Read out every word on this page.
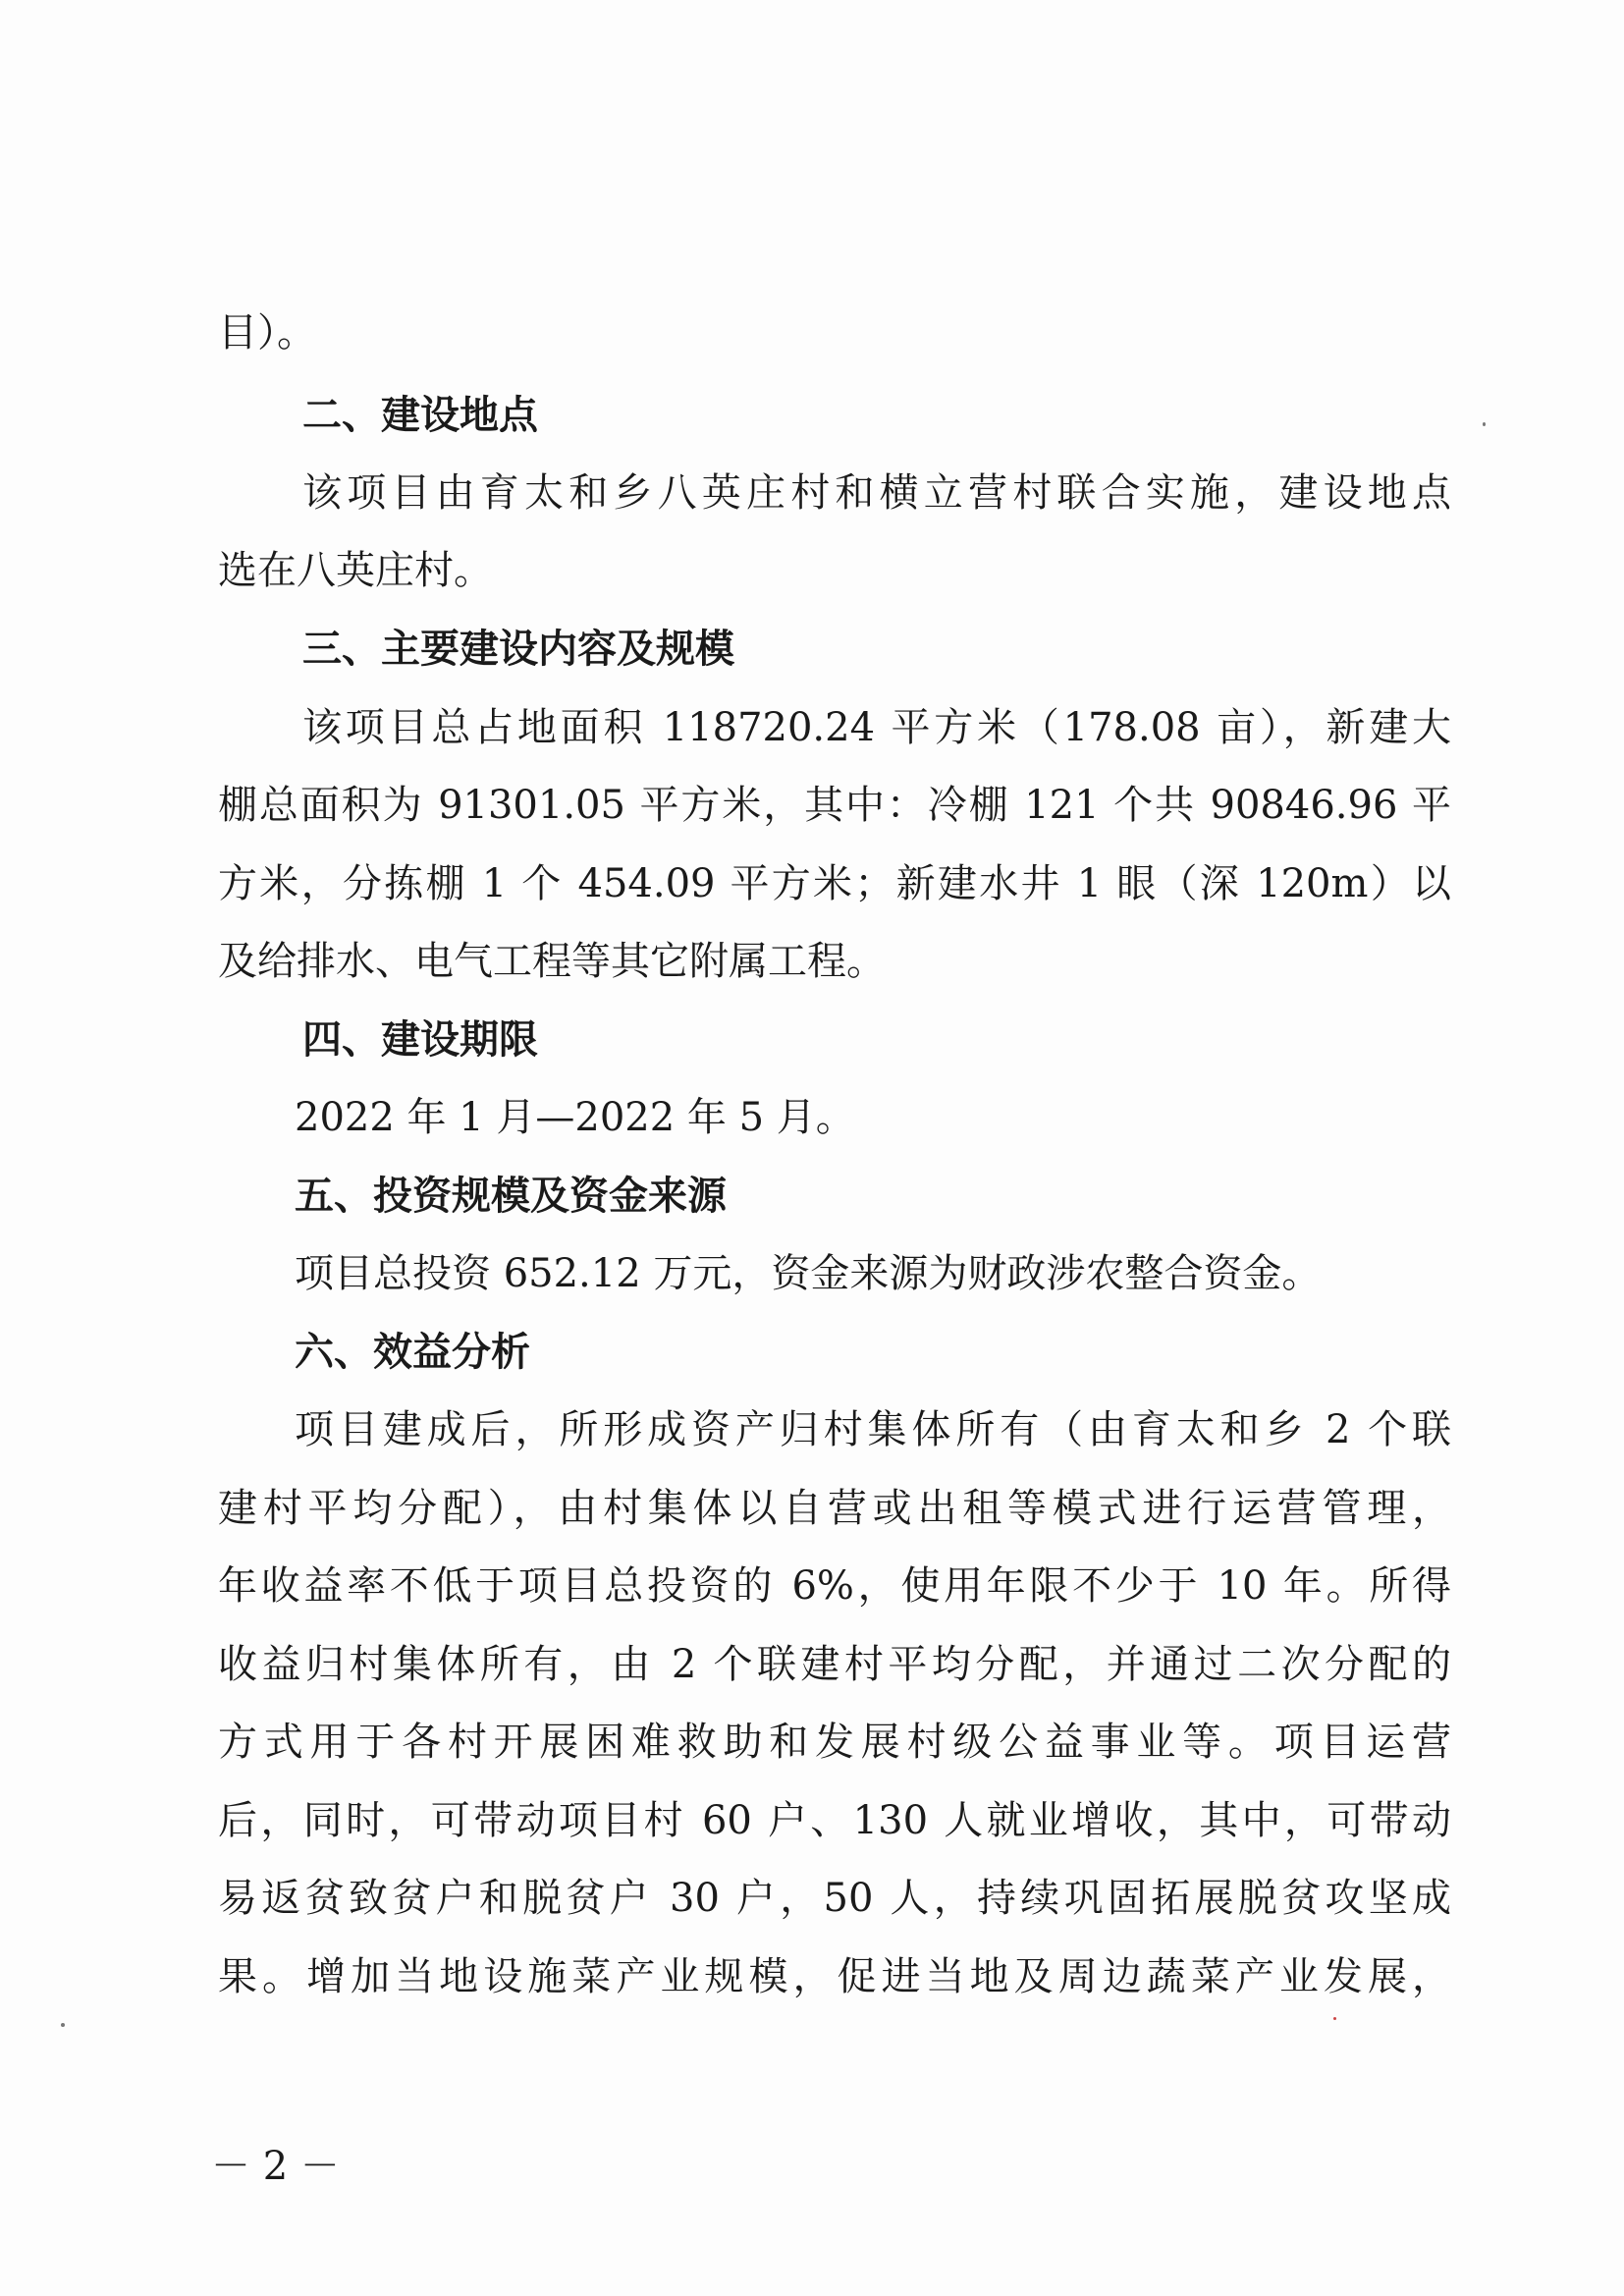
目）。
二、建设地点
该项目由育太和乡八英庄村和横立营村联合实施，建设地点
选在八英庄村。
三、主要建设内容及规模
该项目总占地面积 118720.24 平方米（178.08 亩），新建大
棚总面积为 91301.05 平方米，其中：冷棚 121 个共 90846.96 平
方米，分拣棚 1 个 454.09 平方米；新建水井 1 眼（深 120m）以
及给排水、电气工程等其它附属工程。
四、建设期限
2022 年 1 月—2022 年 5 月。
五、投资规模及资金来源
项目总投资 652.12 万元，资金来源为财政涉农整合资金。
六、效益分析
项目建成后，所形成资产归村集体所有（由育太和乡 2 个联
建村平均分配），由村集体以自营或出租等模式进行运营管理，
年收益率不低于项目总投资的 6%，使用年限不少于 10 年。所得
收益归村集体所有，由 2 个联建村平均分配，并通过二次分配的
方式用于各村开展困难救助和发展村级公益事业等。项目运营
后，同时，可带动项目村 60 户、130 人就业增收，其中，可带动
易返贫致贫户和脱贫户 30 户，50 人，持续巩固拓展脱贫攻坚成
果。增加当地设施菜产业规模，促进当地及周边蔬菜产业发展，
－ 2 －
